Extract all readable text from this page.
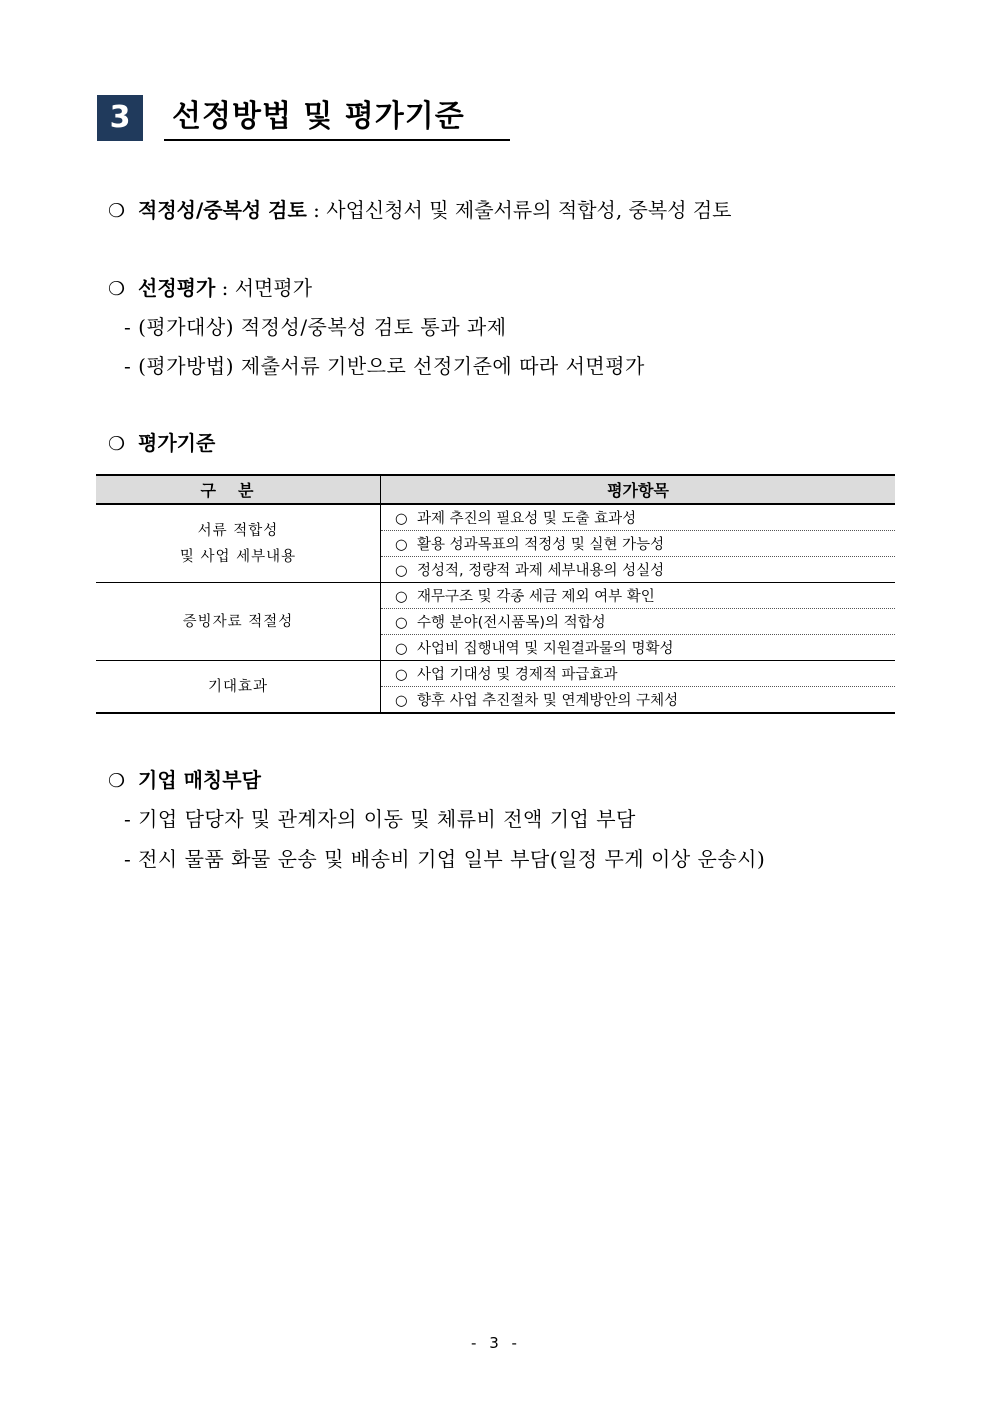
3	선정방법 및 평가기준
❍ 적정성/중복성 검토 : 사업신청서 및 제출서류의 적합성, 중복성 검토
❍ 선정평가 : 서면평가
- (평가대상) 적정성/중복성 검토 통과 과제
- (평가방법) 제출서류 기반으로 선정기준에 따라 서면평가
❍ 평가기준
구분	평가항목

서류 적합성
및 사업 세부내용	○ 과제 추진의 필요성 및 도출 효과성
	○ 활용 성과목표의 적정성 및 실현 가능성
	○ 정성적, 정량적 과제 세부내용의 성실성

증빙자료 적절성	○ 재무구조 및 각종 세금 제외 여부 확인
	○ 수행 분야(전시품목)의 적합성
	○ 사업비 집행내역 및 지원결과물의 명확성

기대효과	○ 사업 기대성 및 경제적 파급효과
	○ 향후 사업 추진절차 및 연계방안의 구체성
❍ 기업 매칭부담
- 기업 담당자 및 관계자의 이동 및 체류비 전액 기업 부담
- 전시 물품 화물 운송 및 배송비 기업 일부 부담(일정 무게 이상 운송시)
- 3 -
